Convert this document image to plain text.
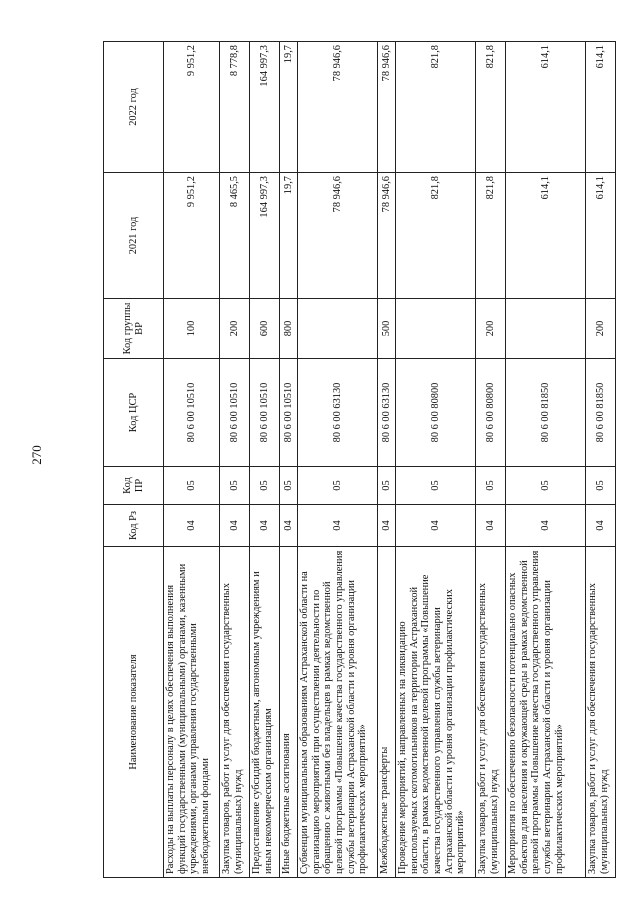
270
Наименование показателя	Код Рз	Код ПР	Код ЦСР	Код группы ВР	2021 год	2022 год
Расходы на выплаты персоналу в целях обеспечения выполнения функций государственными (муниципальными) органами, казенными учреждениями, органами управления государственными внебюджетными фондами	04	05	80 6 00 10510	100	9 951,2	9 951,2
Закупка товаров, работ и услуг для обеспечения государственных (муниципальных) нужд	04	05	80 6 00 10510	200	8 465,5	8 778,8
Предоставление субсидий бюджетным, автономным учреждениям и иным некоммерческим организациям	04	05	80 6 00 10510	600	164 997,3	164 997,3
Иные бюджетные ассигнования	04	05	80 6 00 10510	800	19,7	19,7
Субвенции муниципальным образованиям Астраханской области на организацию мероприятий при осуществлении деятельности по обращению с животными без владельцев в рамках ведомственной целевой программы «Повышение качества государственного управления службы ветеринарии Астраханской области и уровня организации профилактических мероприятий»	04	05	80 6 00 63130		78 946,6	78 946,6
Межбюджетные трансферты	04	05	80 6 00 63130	500	78 946,6	78 946,6
Проведение мероприятий, направленных на ликвидацию неиспользуемых скотомогильников на территории Астраханской области, в рамках ведомственной целевой программы «Повышение качества государственного управления службы ветеринарии Астраханской области и уровня организации профилактических мероприятий»	04	05	80 6 00 80800		821,8	821,8
Закупка товаров, работ и услуг для обеспечения государственных (муниципальных) нужд	04	05	80 6 00 80800	200	821,8	821,8
Мероприятия по обеспечению безопасности потенциально опасных объектов для населения и окружающей среды в рамках ведомственной целевой программы «Повышение качества государственного управления службы ветеринарии Астраханской области и уровня организации профилактических мероприятий»	04	05	80 6 00 81850		614,1	614,1
Закупка товаров, работ и услуг для обеспечения государственных (муниципальных) нужд	04	05	80 6 00 81850	200	614,1	614,1
